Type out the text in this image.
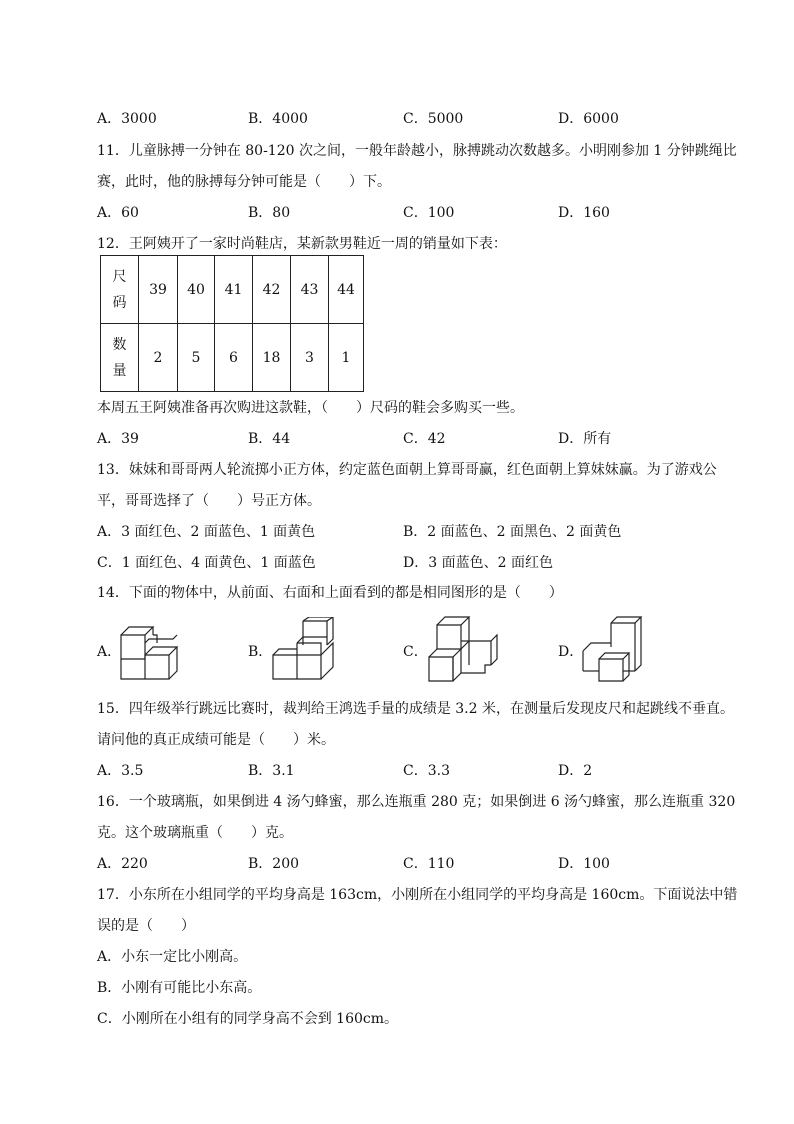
A．3000	B．4000	C．5000	D．6000
11．儿童脉搏一分钟在 80-120 次之间，一般年龄越小，脉搏跳动次数越多。小明刚参加 1 分钟跳绳比
赛，此时，他的脉搏每分钟可能是（　　）下。
A．60	B．80	C．100	D．160
12．王阿姨开了一家时尚鞋店，某新款男鞋近一周的销量如下表：
尺
码	39	40	41	42	43	44

数
量	2	5	6	18	3	1
本周五王阿姨准备再次购进这款鞋，（　　）尺码的鞋会多购买一些。
A．39	B．44	C．42	D．所有
13．妹妹和哥哥两人轮流掷小正方体，约定蓝色面朝上算哥哥赢，红色面朝上算妹妹赢。为了游戏公
平，哥哥选择了（　　）号正方体。
A．3 面红色、2 面蓝色、1 面黄色	B．2 面蓝色、2 面黑色、2 面黄色
C．1 面红色、4 面黄色、1 面蓝色	D．3 面蓝色、2 面红色
14．下面的物体中，从前面、右面和上面看到的都是相同图形的是（　　）
A．	B．	C．	D．
15．四年级举行跳远比赛时，裁判给王鸿选手量的成绩是 3.2 米，在测量后发现皮尺和起跳线不垂直。
请问他的真正成绩可能是（　　）米。
A．3.5	B．3.1	C．3.3	D．2
16．一个玻璃瓶，如果倒进 4 汤勺蜂蜜，那么连瓶重 280 克；如果倒进 6 汤勺蜂蜜，那么连瓶重 320
克。这个玻璃瓶重（　　）克。
A．220	B．200	C．110	D．100
17．小东所在小组同学的平均身高是 163cm，小刚所在小组同学的平均身高是 160cm。下面说法中错
误的是（　　）
A．小东一定比小刚高。
B．小刚有可能比小东高。
C．小刚所在小组有的同学身高不会到 160cm。
